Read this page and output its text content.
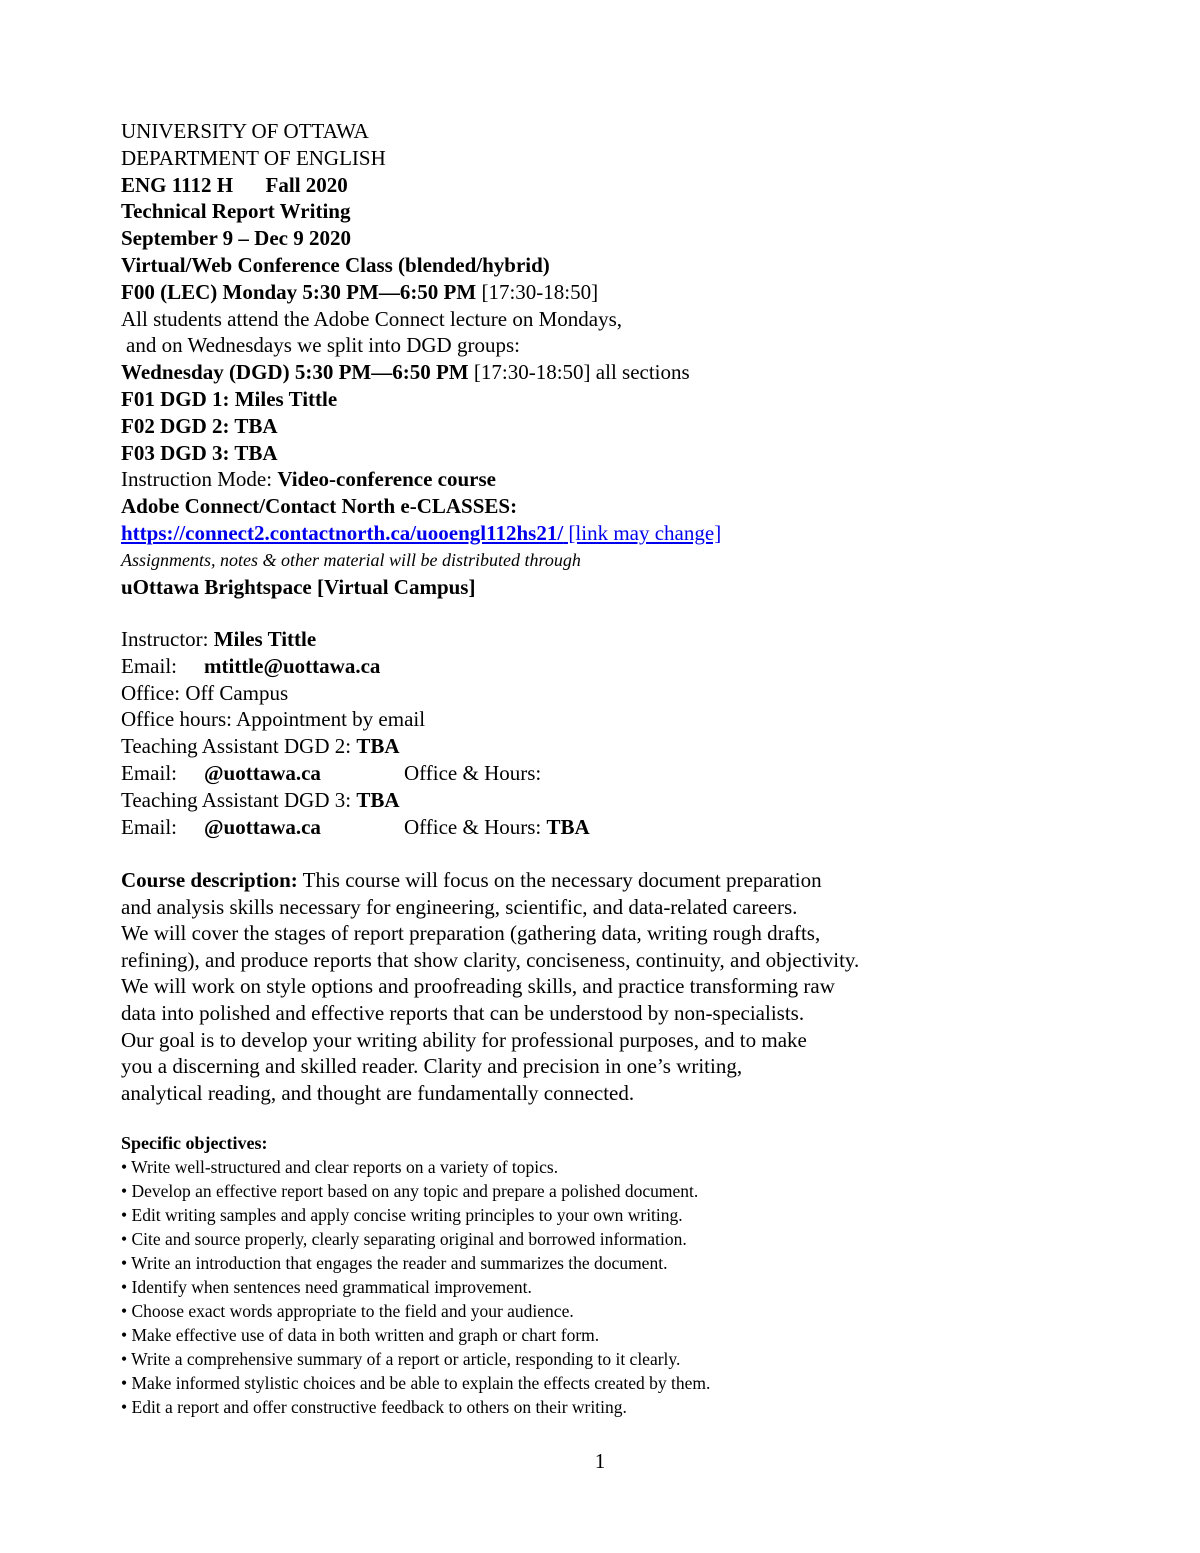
UNIVERSITY OF OTTAWA
DEPARTMENT OF ENGLISH
ENG 1112 H Fall 2020
Technical Report Writing
September 9 – Dec 9 2020
Virtual/Web Conference Class (blended/hybrid)
F00 (LEC) Monday 5:30 PM—6:50 PM [17:30-18:50]
All students attend the Adobe Connect lecture on Mondays,
and on Wednesdays we split into DGD groups:
Wednesday (DGD) 5:30 PM—6:50 PM [17:30-18:50] all sections
F01 DGD 1: Miles Tittle
F02 DGD 2: TBA
F03 DGD 3: TBA
Instruction Mode: Video-conference course
Adobe Connect/Contact North e-CLASSES:
https://connect2.contactnorth.ca/uooengl112hs21/ [link may change]
Assignments, notes & other material will be distributed through
uOttawa Brightspace [Virtual Campus]
Instructor: Miles Tittle
Email:mtittle@uottawa.ca
Office: Off Campus
Office hours: Appointment by email
Teaching Assistant DGD 2: TBA
Email:@uottawa.ca	Office & Hours:
Teaching Assistant DGD 3: TBA
Email:@uottawa.ca	Office & Hours: TBA
Course description: This course will focus on the necessary document preparation
and analysis skills necessary for engineering, scientific, and data-related careers.
We will cover the stages of report preparation (gathering data, writing rough drafts,
refining), and produce reports that show clarity, conciseness, continuity, and objectivity.
We will work on style options and proofreading skills, and practice transforming raw
data into polished and effective reports that can be understood by non-specialists.
Our goal is to develop your writing ability for professional purposes, and to make
you a discerning and skilled reader. Clarity and precision in one’s writing,
analytical reading, and thought are fundamentally connected.
Specific objectives:
• Write well-structured and clear reports on a variety of topics.
• Develop an effective report based on any topic and prepare a polished document.
• Edit writing samples and apply concise writing principles to your own writing.
• Cite and source properly, clearly separating original and borrowed information.
• Write an introduction that engages the reader and summarizes the document.
• Identify when sentences need grammatical improvement.
• Choose exact words appropriate to the field and your audience.
• Make effective use of data in both written and graph or chart form.
• Write a comprehensive summary of a report or article, responding to it clearly.
• Make informed stylistic choices and be able to explain the effects created by them.
• Edit a report and offer constructive feedback to others on their writing.
1
